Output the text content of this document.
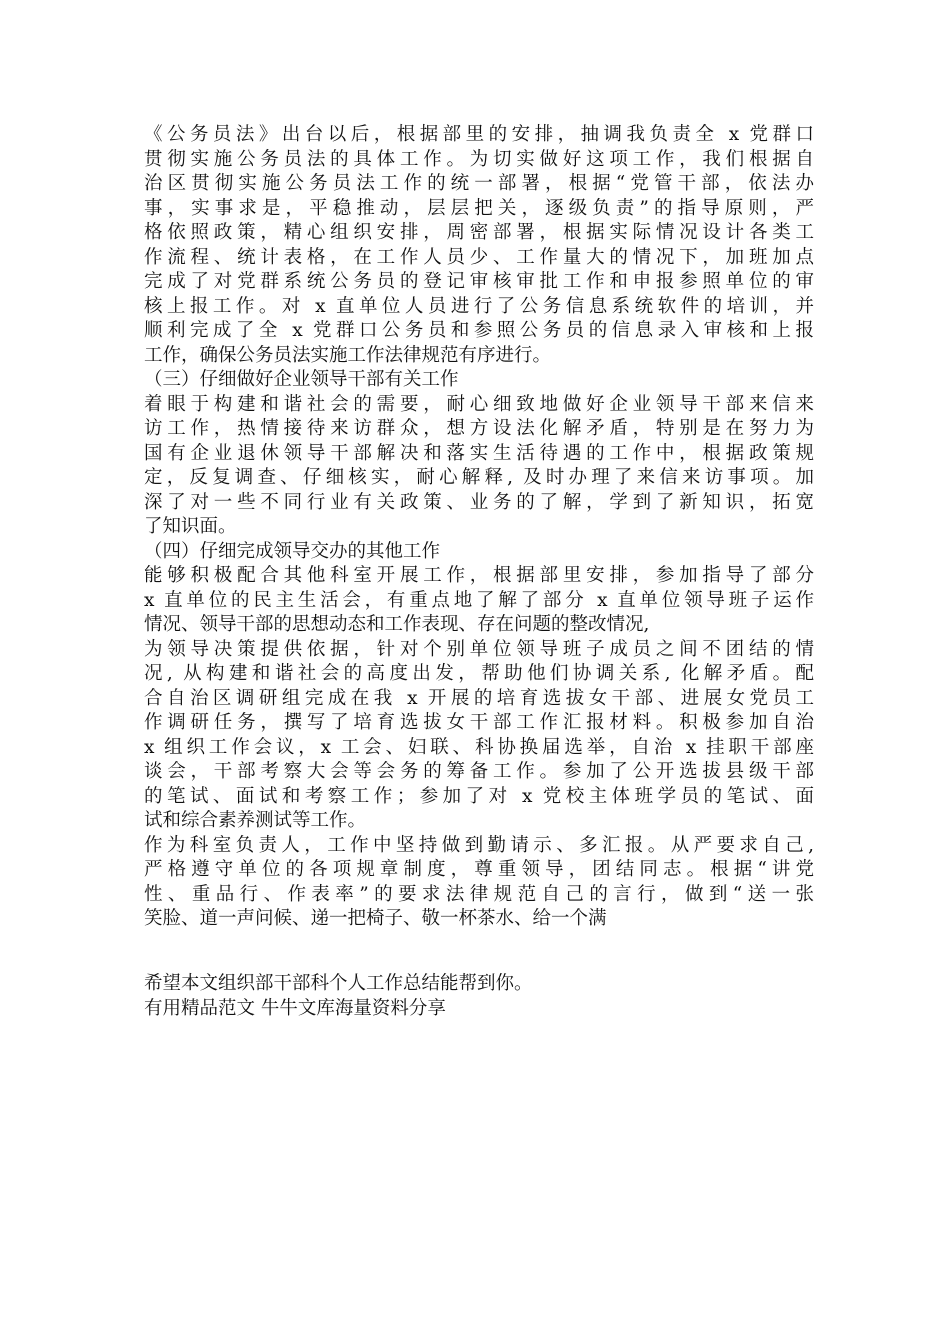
《公务员法》出台以后，根据部里的安排，抽调我负责全 x 党群口
贯彻实施公务员法的具体工作。为切实做好这项工作，我们根据自
治区贯彻实施公务员法工作的统一部署，根据“党管干部，依法办
事，实事求是，平稳推动，层层把关，逐级负责”的指导原则，严
格依照政策，精心组织安排，周密部署，根据实际情况设计各类工
作流程、统计表格，在工作人员少、工作量大的情况下，加班加点
完成了对党群系统公务员的登记审核审批工作和申报参照单位的审
核上报工作。对 x 直单位人员进行了公务信息系统软件的培训，并
顺利完成了全 x 党群口公务员和参照公务员的信息录入审核和上报
工作，确保公务员法实施工作法律规范有序进行。
（三）仔细做好企业领导干部有关工作
着眼于构建和谐社会的需要，耐心细致地做好企业领导干部来信来
访工作，热情接待来访群众，想方设法化解矛盾，特别是在努力为
国有企业退休领导干部解决和落实生活待遇的工作中，根据政策规
定，反复调查、仔细核实，耐心解释, 及时办理了来信来访事项。加
深了对一些不同行业有关政策、业务的了解，学到了新知识，拓宽
了知识面。
（四）仔细完成领导交办的其他工作
能够积极配合其他科室开展工作，根据部里安排，参加指导了部分
x 直单位的民主生活会，有重点地了解了部分 x 直单位领导班子运作
情况、领导干部的思想动态和工作表现、存在问题的整改情况,
为领导决策提供依据，针对个别单位领导班子成员之间不团结的情
况, 从构建和谐社会的高度出发，帮助他们协调关系, 化解矛盾。配
合自治区调研组完成在我 x 开展的培育选拔女干部、进展女党员工
作调研任务，撰写了培育选拔女干部工作汇报材料。积极参加自治
x 组织工作会议，x 工会、妇联、科协换届选举，自治 x 挂职干部座
谈会，干部考察大会等会务的筹备工作。参加了公开选拔县级干部
的笔试、面试和考察工作；参加了对 x 党校主体班学员的笔试、面
试和综合素养测试等工作。
作为科室负责人，工作中坚持做到勤请示、多汇报。从严要求自己,
严格遵守单位的各项规章制度，尊重领导，团结同志。根据“讲党
性、重品行、作表率”的要求法律规范自己的言行，做到“送一张
笑脸、道一声问候、递一把椅子、敬一杯茶水、给一个满
希望本文组织部干部科个人工作总结能帮到你。
有用精品范文 牛牛文库海量资料分享
